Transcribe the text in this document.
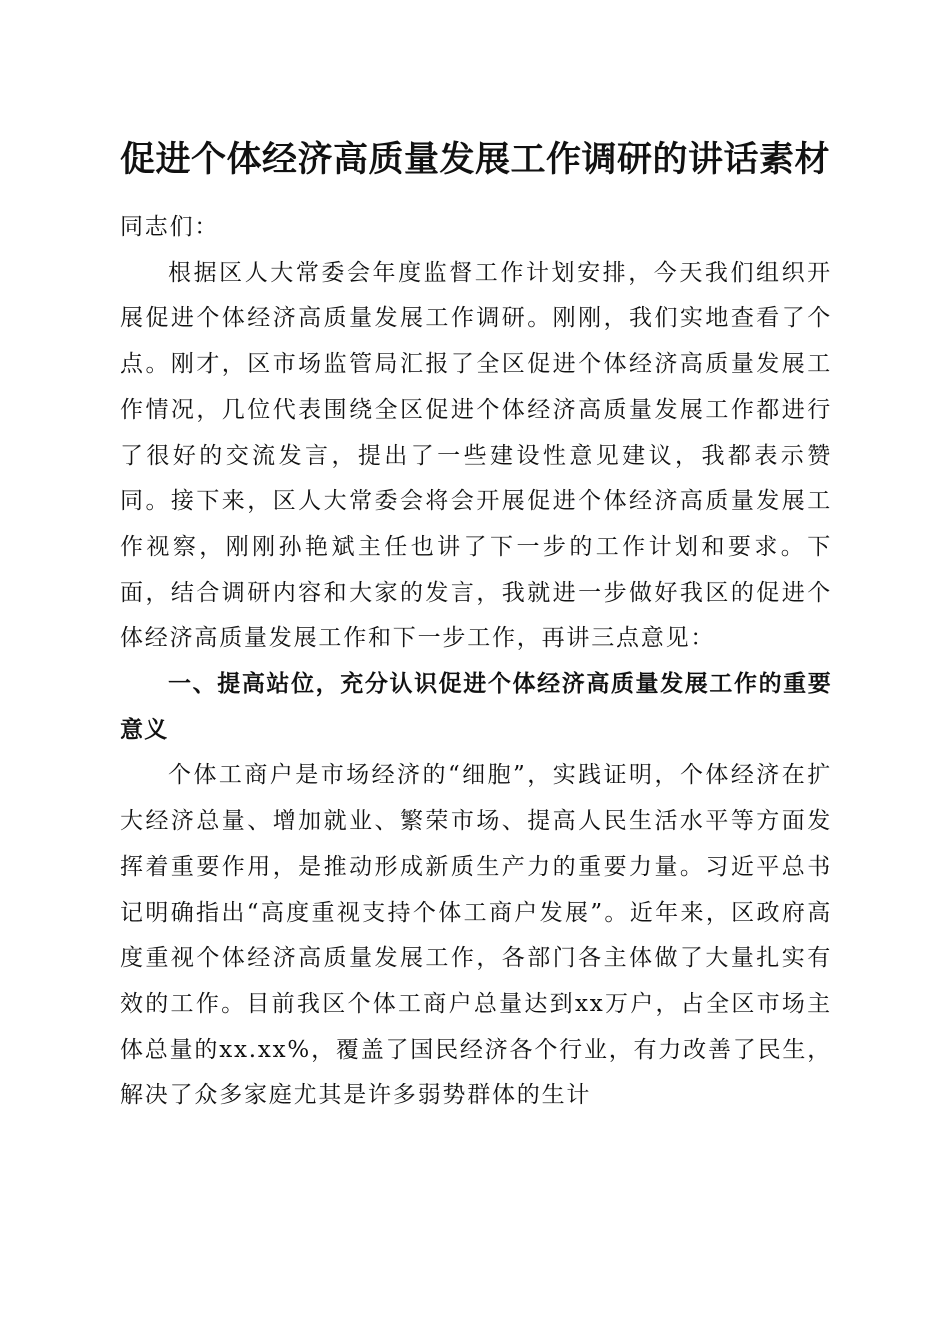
促进个体经济高质量发展工作调研的讲话素材

同志们：

根据区人大常委会年度监督工作计划安排，今天我们组织开展促进个体经济高质量发展工作调研。刚刚，我们实地查看了个点。刚才，区市场监管局汇报了全区促进个体经济高质量发展工作情况，几位代表围绕全区促进个体经济高质量发展工作都进行了很好的交流发言，提出了一些建设性意见建议，我都表示赞同。接下来，区人大常委会将会开展促进个体经济高质量发展工作视察，刚刚孙艳斌主任也讲了下一步的工作计划和要求。下面，结合调研内容和大家的发言，我就进一步做好我区的促进个体经济高质量发展工作和下一步工作，再讲三点意见：

一、提高站位，充分认识促进个体经济高质量发展工作的重要意义

个体工商户是市场经济的“细胞”，实践证明，个体经济在扩大经济总量、增加就业、繁荣市场、提高人民生活水平等方面发挥着重要作用，是推动形成新质生产力的重要力量。习近平总书记明确指出“高度重视支持个体工商户发展”。近年来，区政府高度重视个体经济高质量发展工作，各部门各主体做了大量扎实有效的工作。目前我区个体工商户总量达到xx万户，占全区市场主体总量的xx.xx%，覆盖了国民经济各个行业，有力改善了民生，解决了众多家庭尤其是许多弱势群体的生计
